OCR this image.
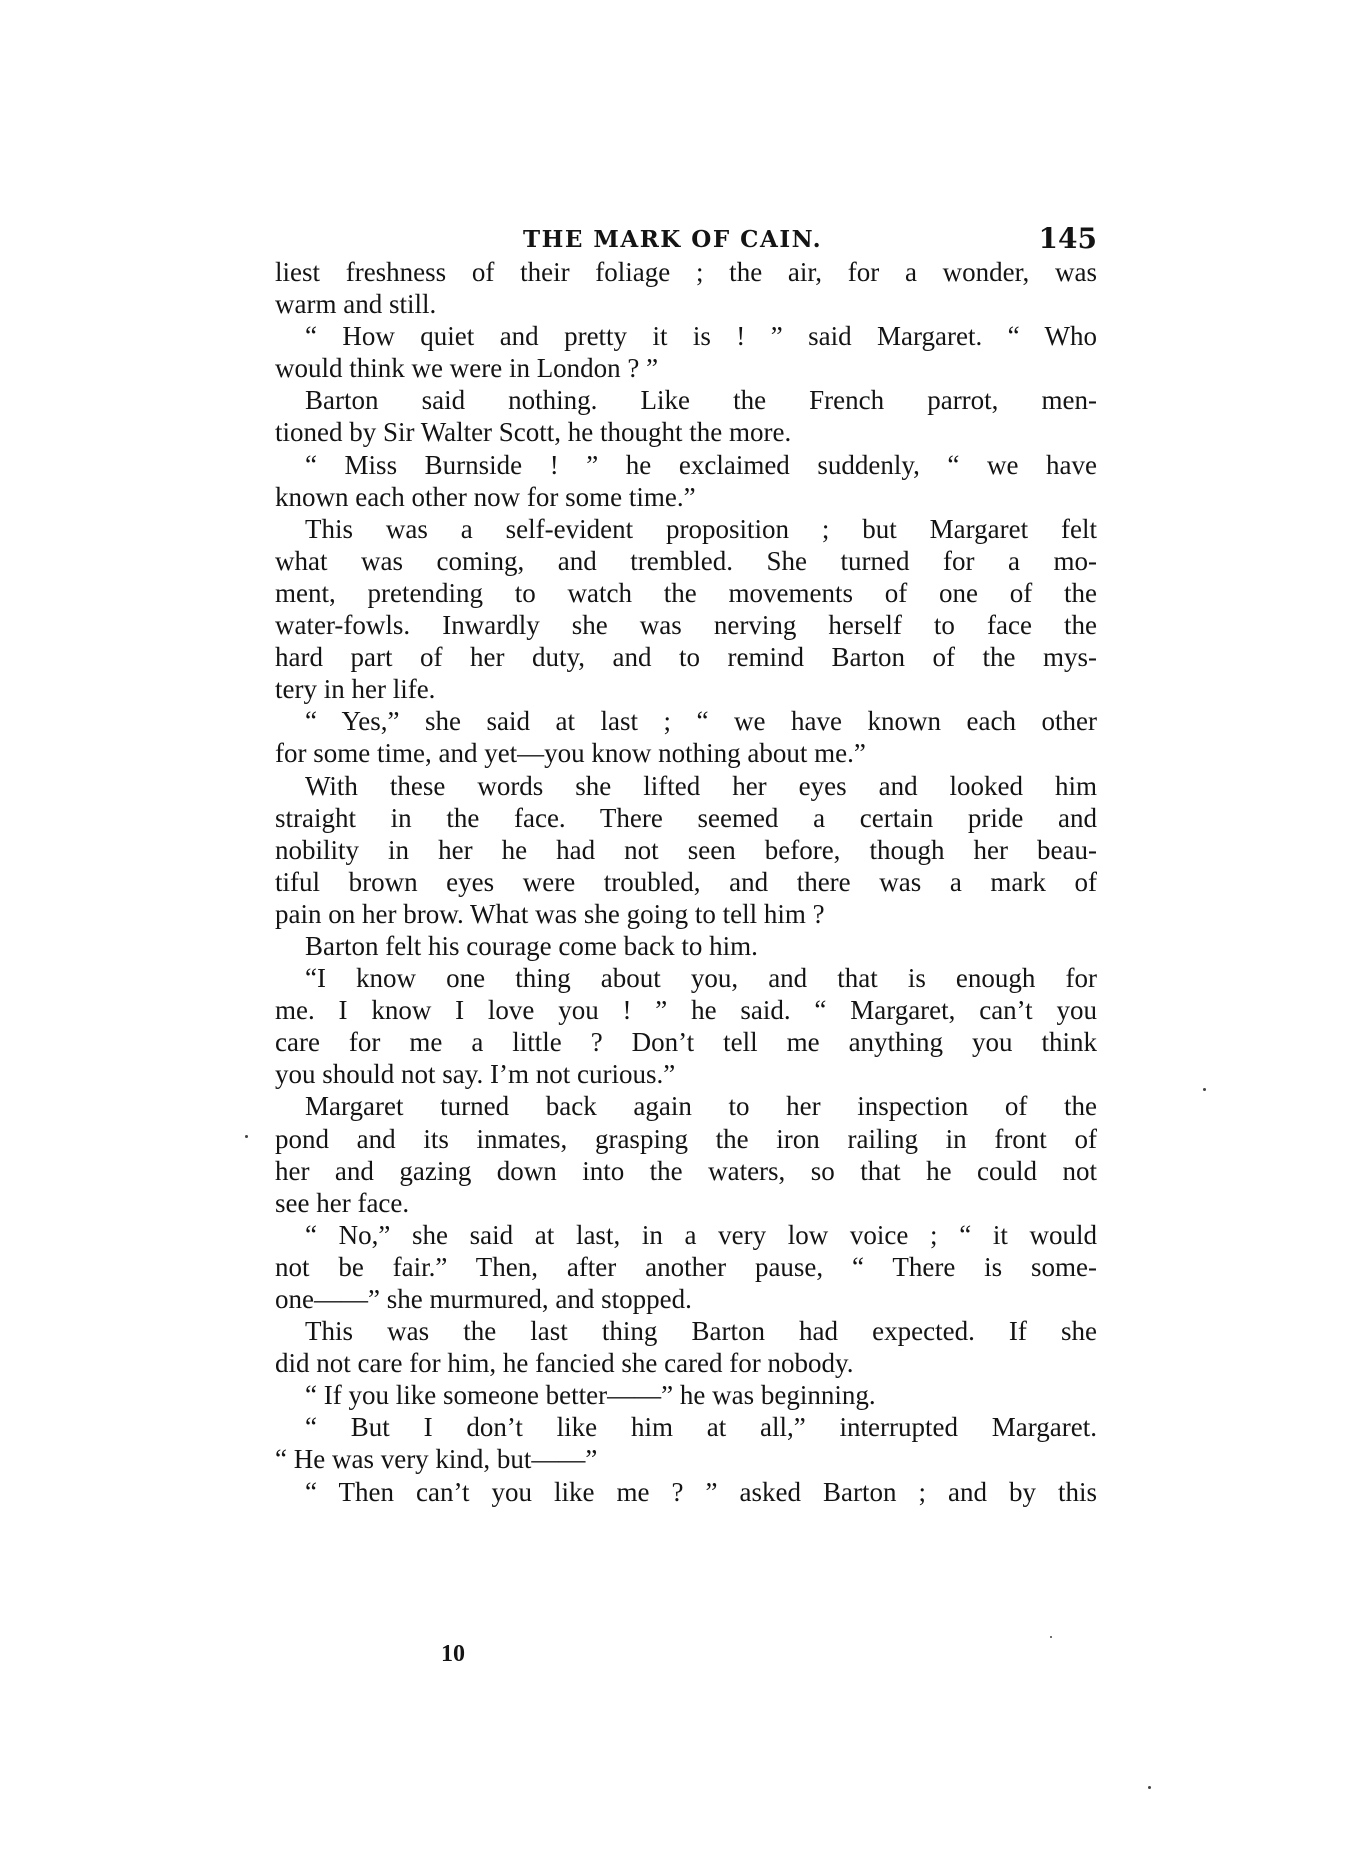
THE MARK OF CAIN.	145
liest freshness of their foliage ; the air, for a wonder, was
warm and still.
“ How quiet and pretty it is ! ” said Margaret. “ Who
would think we were in London ? ”
Barton said nothing. Like the French parrot, men-
tioned by Sir Walter Scott, he thought the more.
“ Miss Burnside ! ” he exclaimed suddenly, “ we have
known each other now for some time.”
This was a self-evident proposition ; but Margaret felt
what was coming, and trembled. She turned for a mo-
ment, pretending to watch the movements of one of the
water-fowls. Inwardly she was nerving herself to face the
hard part of her duty, and to remind Barton of the mys-
tery in her life.
“ Yes,” she said at last ; “ we have known each other
for some time, and yet—you know nothing about me.”
With these words she lifted her eyes and looked him
straight in the face. There seemed a certain pride and
nobility in her he had not seen before, though her beau-
tiful brown eyes were troubled, and there was a mark of
pain on her brow. What was she going to tell him ?
Barton felt his courage come back to him.
“I know one thing about you, and that is enough for
me. I know I love you ! ” he said. “ Margaret, can’t you
care for me a little ? Don’t tell me anything you think
you should not say. I’m not curious.”
Margaret turned back again to her inspection of the
pond and its inmates, grasping the iron railing in front of
her and gazing down into the waters, so that he could not
see her face.
“ No,” she said at last, in a very low voice ; “ it would
not be fair.” Then, after another pause, “ There is some-
one——” she murmured, and stopped.
This was the last thing Barton had expected. If she
did not care for him, he fancied she cared for nobody.
“ If you like someone better——” he was beginning.
“ But I don’t like him at all,” interrupted Margaret.
“ He was very kind, but——”
“ Then can’t you like me ? ” asked Barton ; and by this
10
